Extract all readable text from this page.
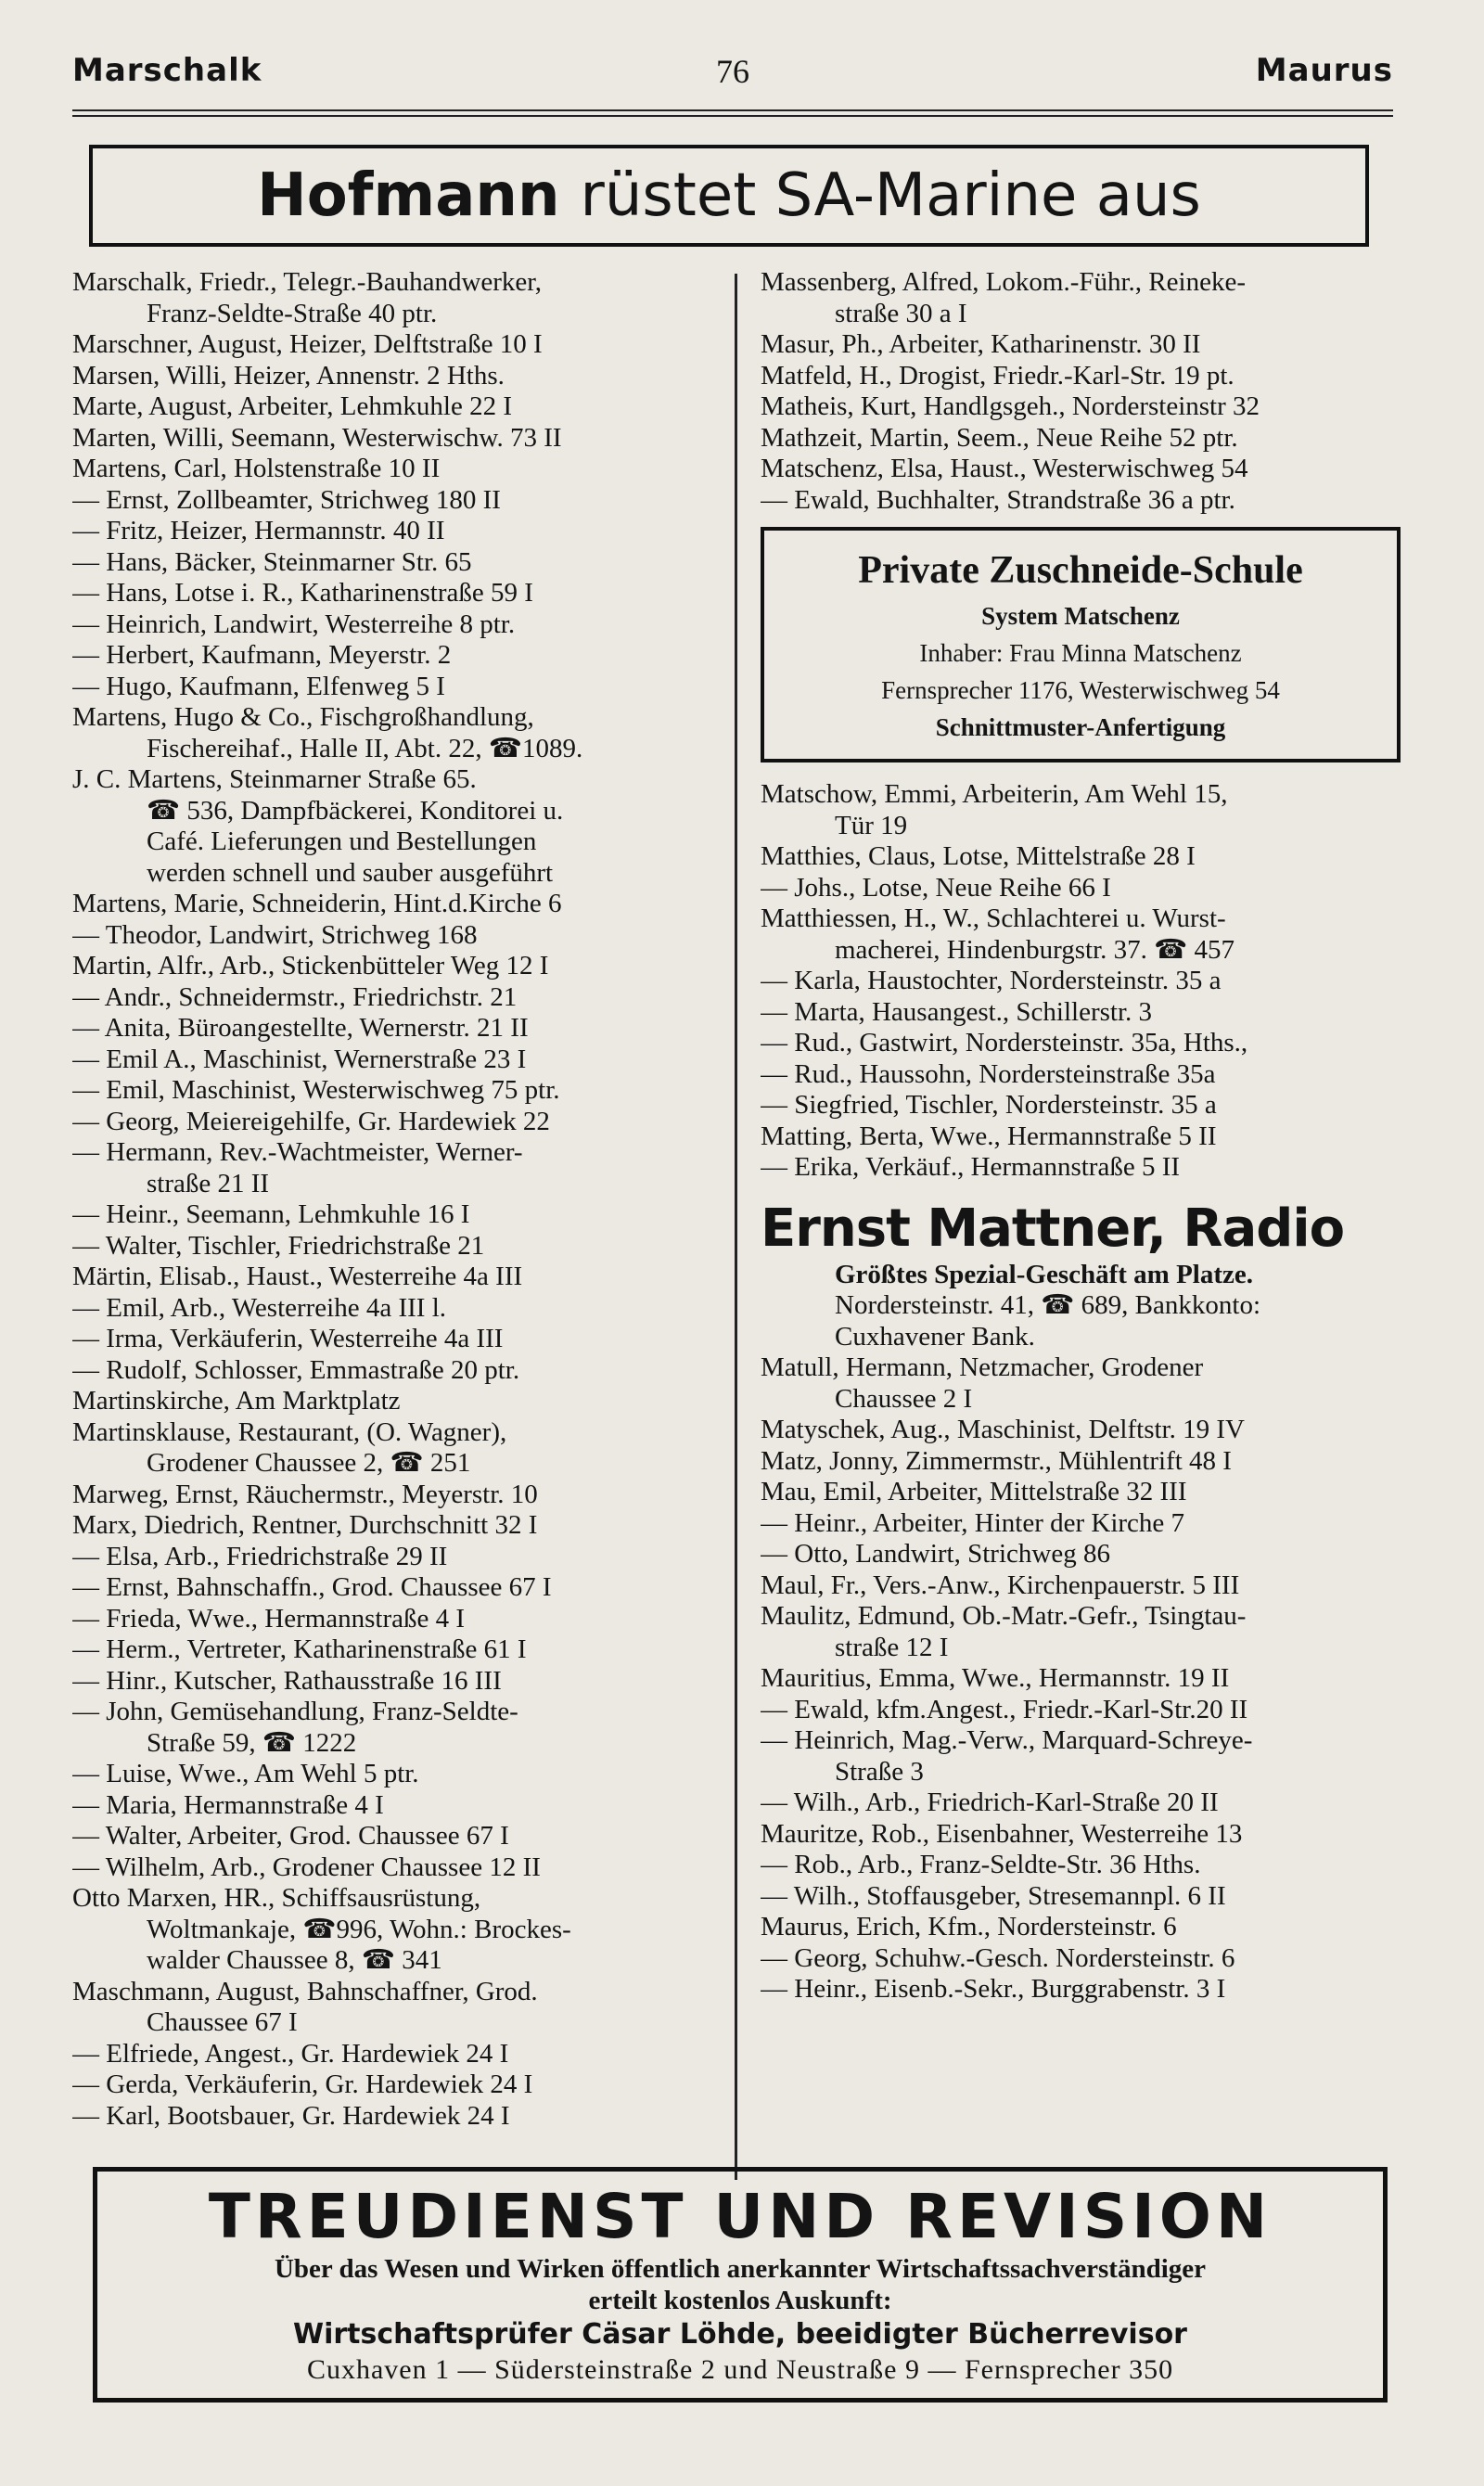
Marschalk	76	Maurus
Hofmann rüstet SA-Marine aus
Marschalk, Friedr., Telegr.-Bauhandwerker,
Franz-Seldte-Straße 40 ptr.
Marschner, August, Heizer, Delftstraße 10 I
Marsen, Willi, Heizer, Annenstr. 2 Hths.
Marte, August, Arbeiter, Lehmkuhle 22 I
Marten, Willi, Seemann, Westerwischw. 73 II
Martens, Carl, Holstenstraße 10 II
— Ernst, Zollbeamter, Strichweg 180 II
— Fritz, Heizer, Hermannstr. 40 II
— Hans, Bäcker, Steinmarner Str. 65
— Hans, Lotse i. R., Katharinenstraße 59 I
— Heinrich, Landwirt, Westerreihe 8 ptr.
— Herbert, Kaufmann, Meyerstr. 2
— Hugo, Kaufmann, Elfenweg 5 I
Martens, Hugo & Co., Fischgroßhandlung,
Fischereihaf., Halle II, Abt. 22, ☎1089.
J. C. Martens, Steinmarner Straße 65.
☎ 536, Dampfbäckerei, Konditorei u.
Café. Lieferungen und Bestellungen
werden schnell und sauber ausgeführt
Martens, Marie, Schneiderin, Hint.d.Kirche 6
— Theodor, Landwirt, Strichweg 168
Martin, Alfr., Arb., Stickenbütteler Weg 12 I
— Andr., Schneidermstr., Friedrichstr. 21
— Anita, Büroangestellte, Wernerstr. 21 II
— Emil A., Maschinist, Wernerstraße 23 I
— Emil, Maschinist, Westerwischweg 75 ptr.
— Georg, Meiereigehilfe, Gr. Hardewiek 22
— Hermann, Rev.-Wachtmeister, Werner-
straße 21 II
— Heinr., Seemann, Lehmkuhle 16 I
— Walter, Tischler, Friedrichstraße 21
Märtin, Elisab., Haust., Westerreihe 4a III
— Emil, Arb., Westerreihe 4a III l.
— Irma, Verkäuferin, Westerreihe 4a III
— Rudolf, Schlosser, Emmastraße 20 ptr.
Martinskirche, Am Marktplatz
Martinsklause, Restaurant, (O. Wagner),
Grodener Chaussee 2, ☎ 251
Marweg, Ernst, Räuchermstr., Meyerstr. 10
Marx, Diedrich, Rentner, Durchschnitt 32 I
— Elsa, Arb., Friedrichstraße 29 II
— Ernst, Bahnschaffn., Grod. Chaussee 67 I
— Frieda, Wwe., Hermannstraße 4 I
— Herm., Vertreter, Katharinenstraße 61 I
— Hinr., Kutscher, Rathausstraße 16 III
— John, Gemüsehandlung, Franz-Seldte-
Straße 59, ☎ 1222
— Luise, Wwe., Am Wehl 5 ptr.
— Maria, Hermannstraße 4 I
— Walter, Arbeiter, Grod. Chaussee 67 I
— Wilhelm, Arb., Grodener Chaussee 12 II
Otto Marxen, HR., Schiffsausrüstung,
Woltmankaje, ☎996, Wohn.: Brockes-
walder Chaussee 8, ☎ 341
Maschmann, August, Bahnschaffner, Grod.
Chaussee 67 I
— Elfriede, Angest., Gr. Hardewiek 24 I
— Gerda, Verkäuferin, Gr. Hardewiek 24 I
— Karl, Bootsbauer, Gr. Hardewiek 24 I
Massenberg, Alfred, Lokom.-Führ., Reineke-
straße 30 a I
Masur, Ph., Arbeiter, Katharinenstr. 30 II
Matfeld, H., Drogist, Friedr.-Karl-Str. 19 pt.
Matheis, Kurt, Handlgsgeh., Nordersteinstr 32
Mathzeit, Martin, Seem., Neue Reihe 52 ptr.
Matschenz, Elsa, Haust., Westerwischweg 54
— Ewald, Buchhalter, Strandstraße 36 a ptr.
Private Zuschneide-Schule
System Matschenz
Inhaber: Frau Minna Matschenz
Fernsprecher 1176, Westerwischweg 54
Schnittmuster-Anfertigung
Matschow, Emmi, Arbeiterin, Am Wehl 15,
Tür 19
Matthies, Claus, Lotse, Mittelstraße 28 I
— Johs., Lotse, Neue Reihe 66 I
Matthiessen, H., W., Schlachterei u. Wurst-
macherei, Hindenburgstr. 37. ☎ 457
— Karla, Haustochter, Nordersteinstr. 35 a
— Marta, Hausangest., Schillerstr. 3
— Rud., Gastwirt, Nordersteinstr. 35a, Hths.,
— Rud., Haussohn, Nordersteinstraße 35a
— Siegfried, Tischler, Nordersteinstr. 35 a
Matting, Berta, Wwe., Hermannstraße 5 II
— Erika, Verkäuf., Hermannstraße 5 II
Ernst Mattner, Radio
Größtes Spezial-Geschäft am Platze.
Nordersteinstr. 41, ☎ 689, Bankkonto:
Cuxhavener Bank.
Matull, Hermann, Netzmacher, Grodener
Chaussee 2 I
Matyschek, Aug., Maschinist, Delftstr. 19 IV
Matz, Jonny, Zimmermstr., Mühlentrift 48 I
Mau, Emil, Arbeiter, Mittelstraße 32 III
— Heinr., Arbeiter, Hinter der Kirche 7
— Otto, Landwirt, Strichweg 86
Maul, Fr., Vers.-Anw., Kirchenpauerstr. 5 III
Maulitz, Edmund, Ob.-Matr.-Gefr., Tsingtau-
straße 12 I
Mauritius, Emma, Wwe., Hermannstr. 19 II
— Ewald, kfm.Angest., Friedr.-Karl-Str.20 II
— Heinrich, Mag.-Verw., Marquard-Schreye-
Straße 3
— Wilh., Arb., Friedrich-Karl-Straße 20 II
Mauritze, Rob., Eisenbahner, Westerreihe 13
— Rob., Arb., Franz-Seldte-Str. 36 Hths.
— Wilh., Stoffausgeber, Stresemannpl. 6 II
Maurus, Erich, Kfm., Nordersteinstr. 6
— Georg, Schuhw.-Gesch. Nordersteinstr. 6
— Heinr., Eisenb.-Sekr., Burggrabenstr. 3 I
TREUDIENST UND REVISION
Über das Wesen und Wirken öffentlich anerkannter Wirtschaftssachverständiger
erteilt kostenlos Auskunft:
Wirtschaftsprüfer Cäsar Löhde, beeidigter Bücherrevisor
Cuxhaven 1 — Südersteinstraße 2 und Neustraße 9 — Fernsprecher 350
